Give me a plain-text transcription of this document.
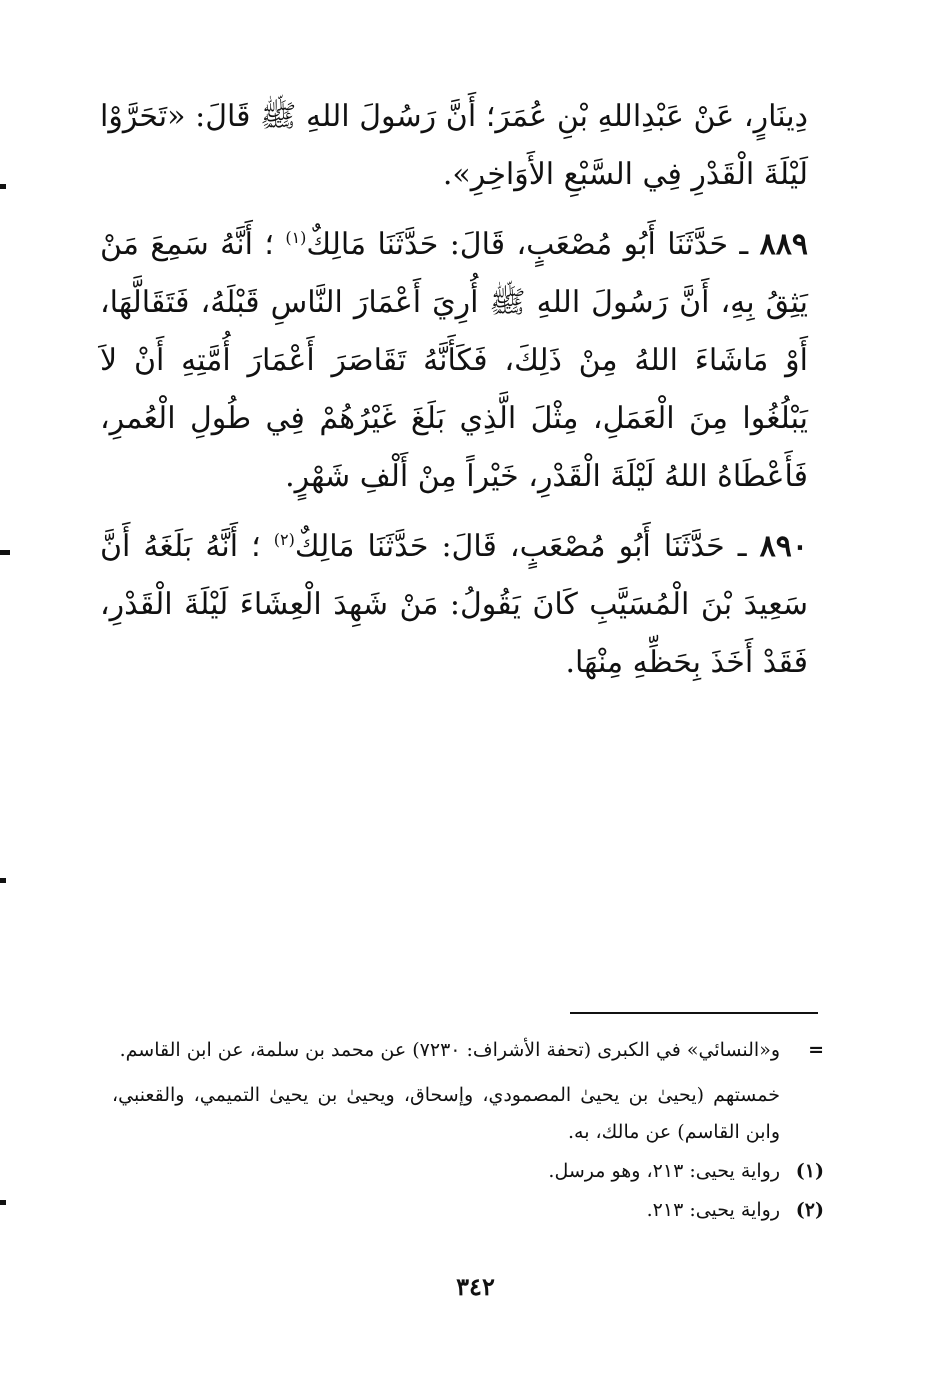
دِينَارٍ، عَنْ عَبْدِاللهِ بْنِ عُمَرَ؛ أَنَّ رَسُولَ اللهِ ﷺ قَالَ: «تَحَرَّوْا لَيْلَةَ الْقَدْرِ فِي السَّبْعِ الأَوَاخِرِ».

٨٨٩ ـ حَدَّثَنَا أَبُو مُصْعَبٍ، قَالَ: حَدَّثَنَا مَالِكٌ$^{(١)}$ ؛ أَنَّهُ سَمِعَ مَنْ يَثِقُ بِهِ، أَنَّ رَسُولَ اللهِ ﷺ أُرِيَ أَعْمَارَ النَّاسِ قَبْلَهُ، فَتَقَالَّهَا، أَوْ مَاشَاءَ اللهُ مِنْ ذَلِكَ، فَكَأَنَّهُ تَقَاصَرَ أَعْمَارَ أُمَّتِهِ أَنْ لاَ يَبْلُغُوا مِنَ الْعَمَلِ، مِثْلَ الَّذِي بَلَغَ غَيْرُهُمْ فِي طُولِ الْعُمرِ، فَأَعْطَاهُ اللهُ لَيْلَةَ الْقَدْرِ، خَيْراً مِنْ أَلْفِ شَهْرٍ.

٨٩٠ ـ حَدَّثَنَا أَبُو مُصْعَبٍ، قَالَ: حَدَّثَنَا مَالِكٌ$^{(٢)}$ ؛ أَنَّهُ بَلَغَهُ أَنَّ سَعِيدَ بْنَ الْمُسَيَّبِ كَانَ يَقُولُ: مَنْ شَهِدَ الْعِشَاءَ لَيْلَةَ الْقَدْرِ، فَقَدْ أَخَذَ بِحَظِّهِ مِنْهَا.

=
و«النسائي» في الكبرى (تحفة الأشراف: ٧٢٣٠) عن محمد بن سلمة، عن ابن القاسم.
خمستهم (يحيىٰ بن يحيىٰ المصمودي، وإسحاق، ويحيىٰ بن يحيىٰ التميمي، والقعنبي، وابن القاسم) عن مالك، به.
(١)
رواية يحيى: ٢١٣، وهو مرسل.
(٢)
رواية يحيى: ٢١٣.
٣٤٢
